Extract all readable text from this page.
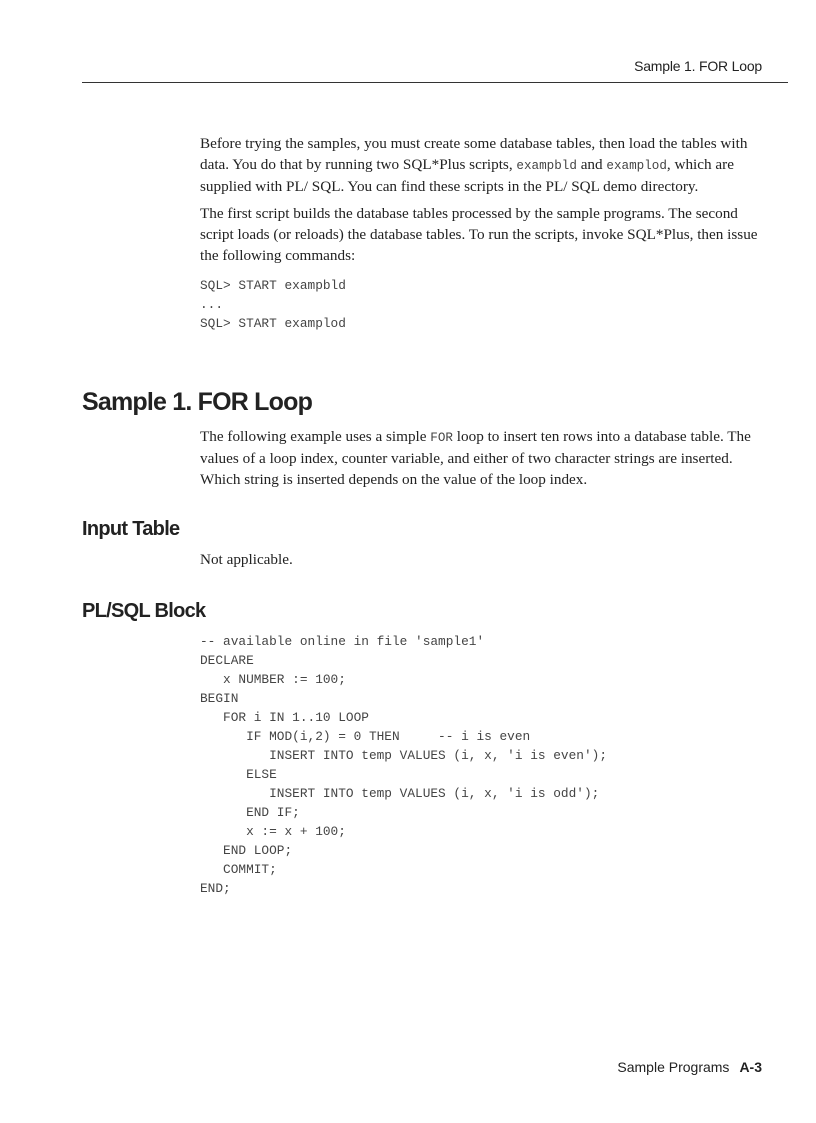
Sample 1. FOR Loop

Before trying the samples, you must create some database tables, then load the tables with data. You do that by running two SQL*Plus scripts, exampbld and examplod, which are supplied with PL/ SQL. You can find these scripts in the PL/ SQL demo directory.

The first script builds the database tables processed by the sample programs. The second script loads (or reloads) the database tables. To run the scripts, invoke SQL*Plus, then issue the following commands:

SQL> START exampbld
...
SQL> START examplod
Sample 1. FOR Loop

The following example uses a simple FOR loop to insert ten rows into a database table. The values of a loop index, counter variable, and either of two character strings are inserted. Which string is inserted depends on the value of the loop index.

Input Table

Not applicable.

PL/SQL Block
-- available online in file 'sample1'
DECLARE
x NUMBER := 100;
BEGIN
FOR i IN 1..10 LOOP
IF MOD(i,2) = 0 THEN     -- i is even
INSERT INTO temp VALUES (i, x, 'i is even');
ELSE
INSERT INTO temp VALUES (i, x, 'i is odd');
END IF;
x := x + 100;
END LOOP;
COMMIT;
END;
Sample Programs A-3
